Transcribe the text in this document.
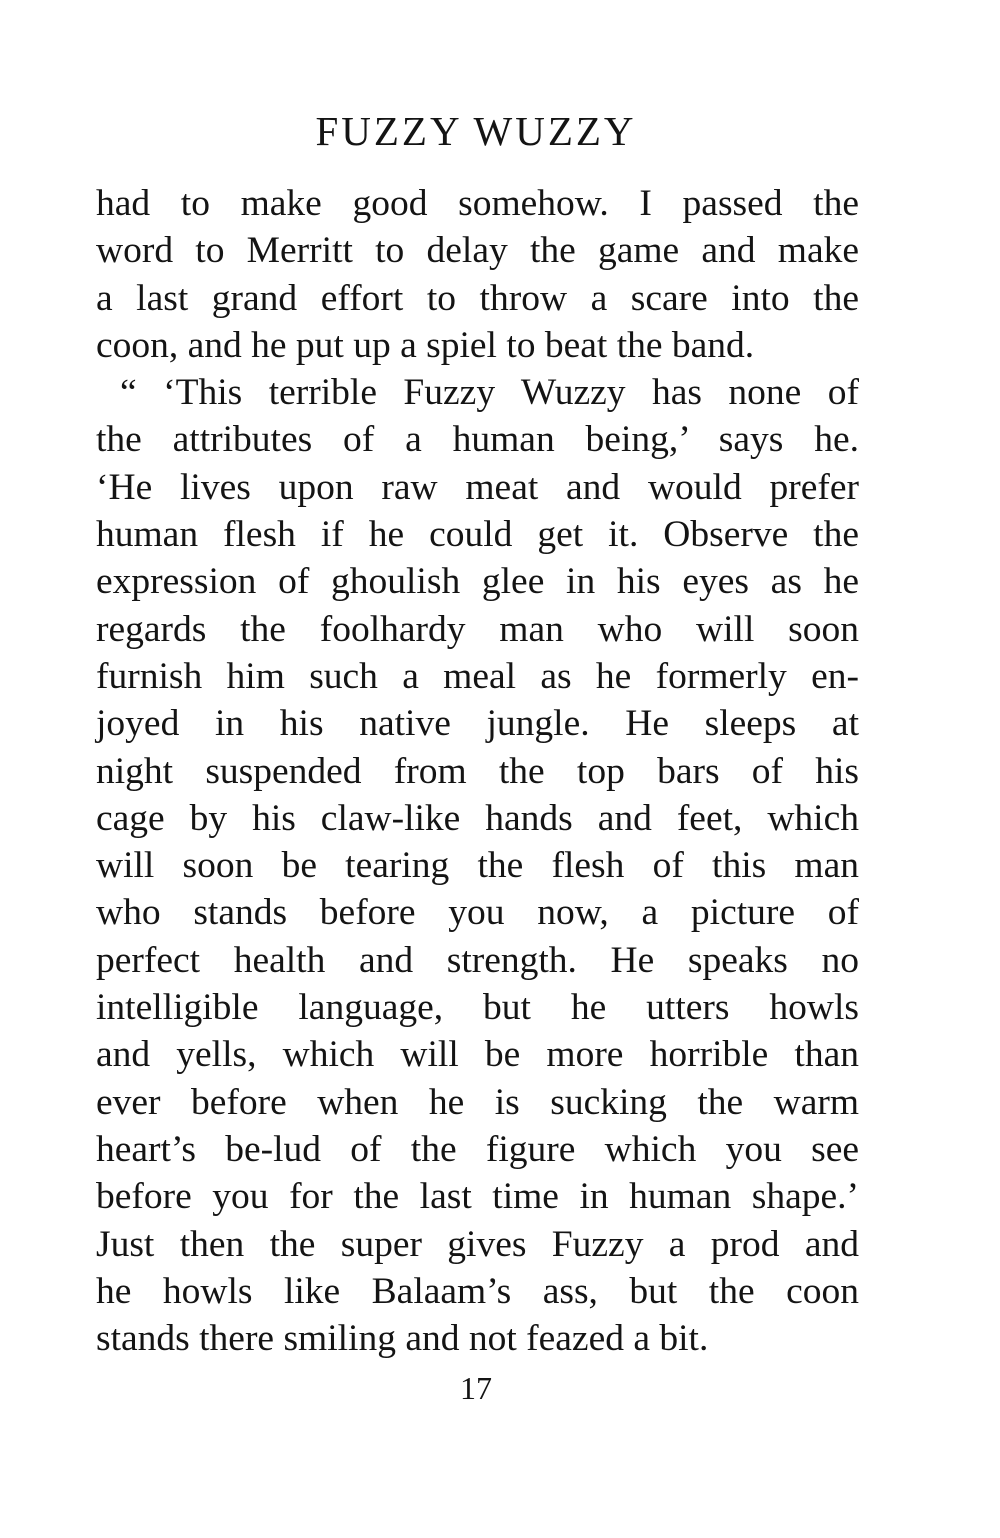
FUZZY WUZZY
had to make good somehow. I passed the
word to Merritt to delay the game and make
a last grand effort to throw a scare into the
coon, and he put up a spiel to beat the band.
“ ‘This terrible Fuzzy Wuzzy has none of
the attributes of a human being,’ says he.
‘He lives upon raw meat and would prefer
human flesh if he could get it. Observe the
expression of ghoulish glee in his eyes as he
regards the foolhardy man who will soon
furnish him such a meal as he formerly en-
joyed in his native jungle. He sleeps at
night suspended from the top bars of his
cage by his claw-like hands and feet, which
will soon be tearing the flesh of this man
who stands before you now, a picture of
perfect health and strength. He speaks no
intelligible language, but he utters howls
and yells, which will be more horrible than
ever before when he is sucking the warm
heart’s be-lud of the figure which you see
before you for the last time in human shape.’
Just then the super gives Fuzzy a prod and
he howls like Balaam’s ass, but the coon
stands there smiling and not feazed a bit.
17
